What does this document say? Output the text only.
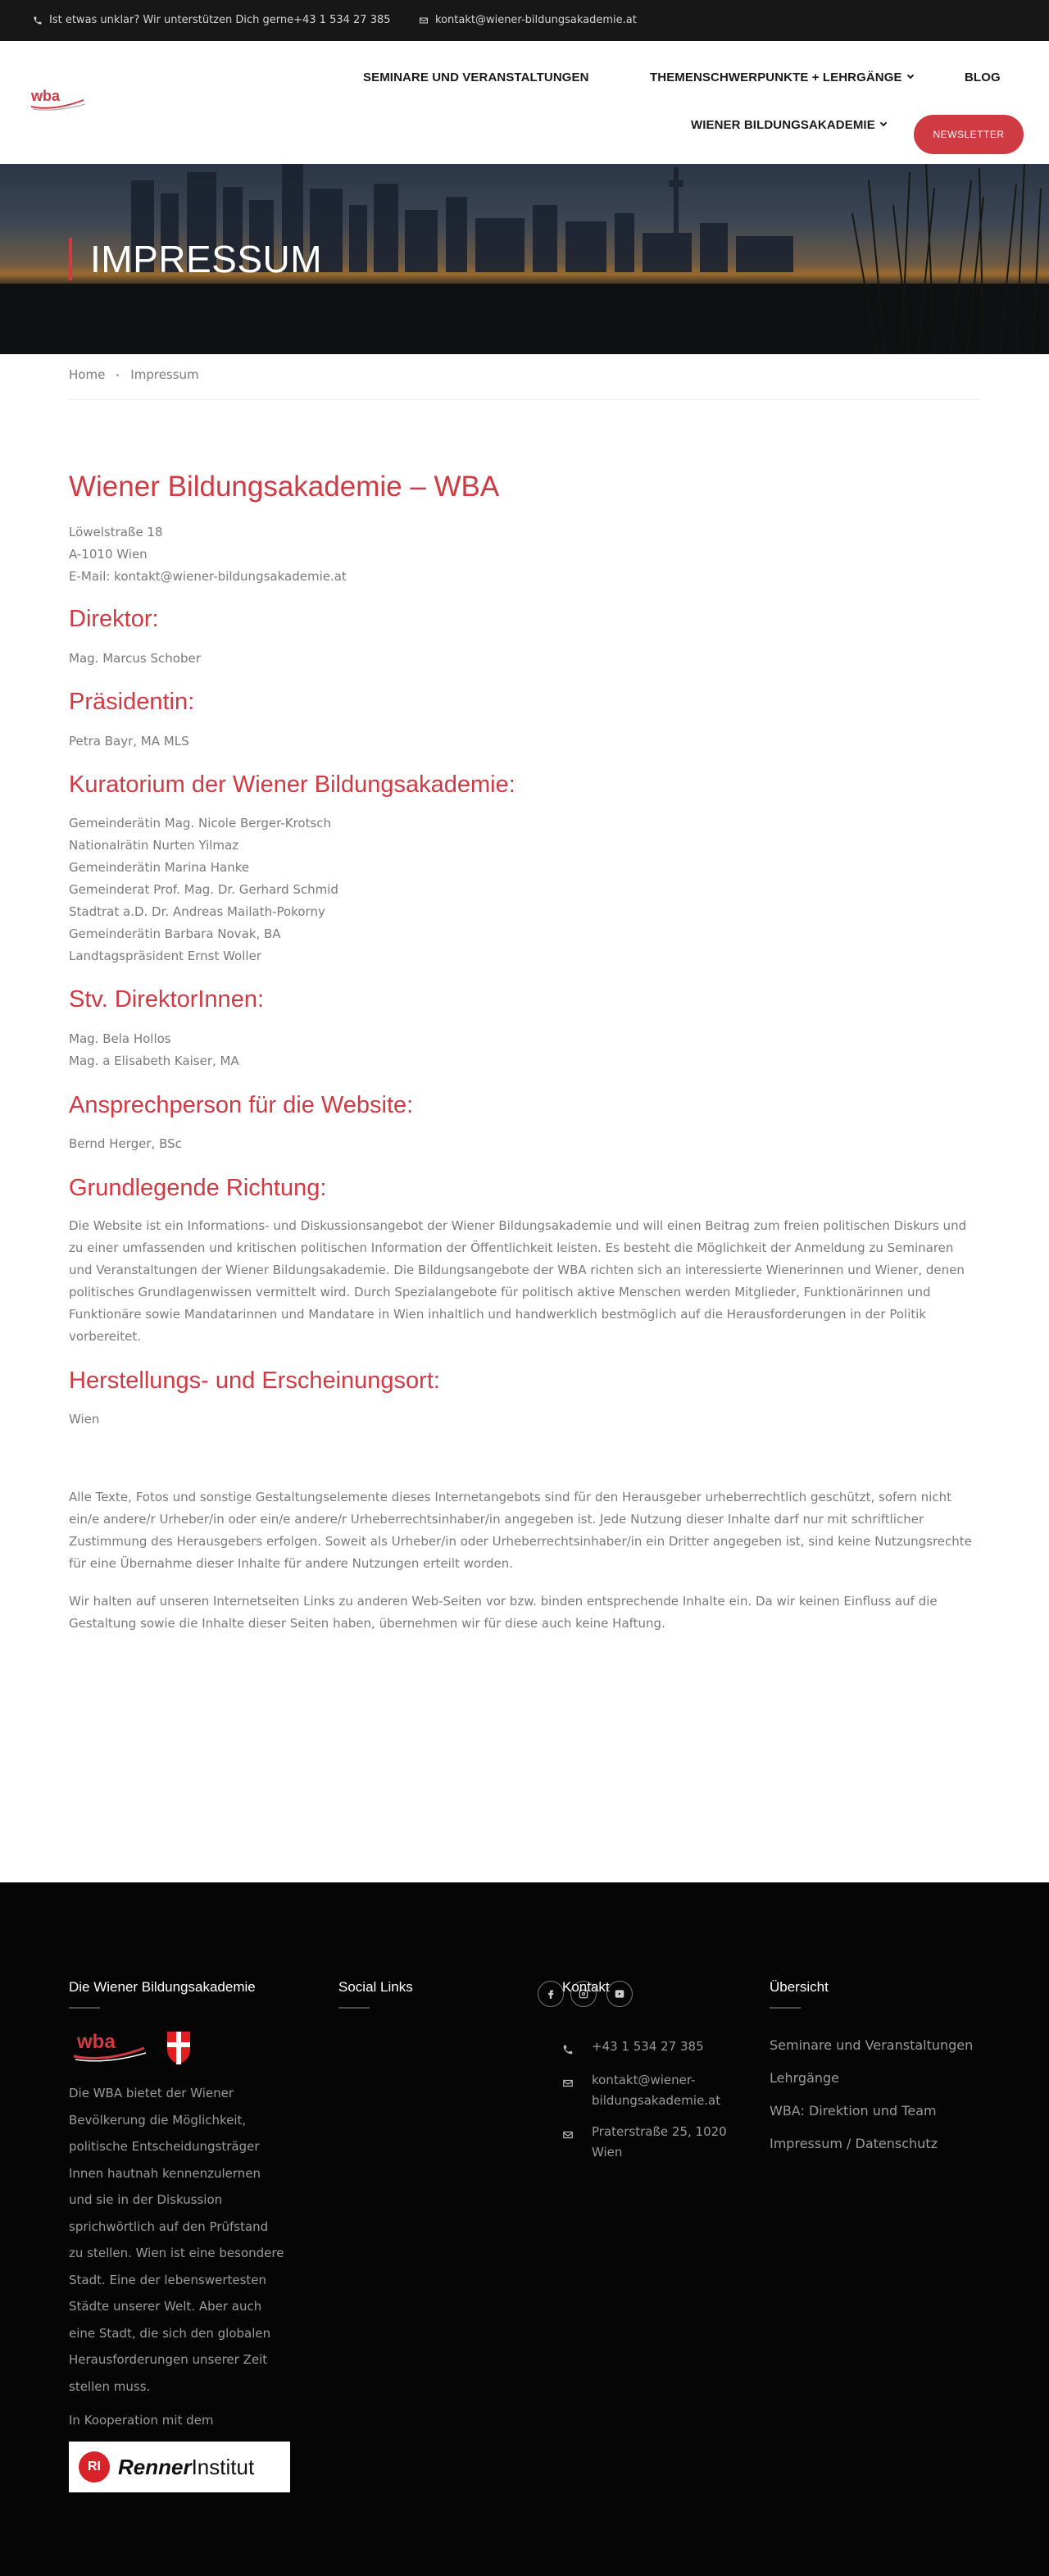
Ist etwas unklar? Wir unterstützen Dich gerne+43 1 534 27 385	kontakt@wiener-bildungsakademie.at
wba
SEMINARE UND VERANSTALTUNGEN	THEMENSCHWERPUNKTE + LEHRGÄNGE	BLOG
WIENER BILDUNGSAKADEMIE
NEWSLETTER
IMPRESSUM
Home Impressum
Wiener Bildungsakademie – WBA
Löwelstraße 18
A-1010 Wien
E-Mail: kontakt@wiener-bildungsakademie.at
Direktor:
Mag. Marcus Schober
Präsidentin:
Petra Bayr, MA MLS
Kuratorium der Wiener Bildungsakademie:
Gemeinderätin Mag. Nicole Berger-Krotsch
Nationalrätin Nurten Yilmaz
Gemeinderätin Marina Hanke
Gemeinderat Prof. Mag. Dr. Gerhard Schmid
Stadtrat a.D. Dr. Andreas Mailath-Pokorny
Gemeinderätin Barbara Novak, BA
Landtagspräsident Ernst Woller
Stv. DirektorInnen:
Mag. Bela Hollos
Mag. a Elisabeth Kaiser, MA
Ansprechperson für die Website:
Bernd Herger, BSc
Grundlegende Richtung:
Die Website ist ein Informations- und Diskussionsangebot der Wiener Bildungsakademie und will einen Beitrag zum freien politischen Diskurs und zu einer umfassenden und kritischen politischen Information der Öffentlichkeit leisten. Es besteht die Möglichkeit der Anmeldung zu Seminaren und Veranstaltungen der Wiener Bildungsakademie. Die Bildungsangebote der WBA richten sich an interessierte Wienerinnen und Wiener, denen politisches Grundlagenwissen vermittelt wird. Durch Spezialangebote für politisch aktive Menschen werden Mitglieder, Funktionärinnen und Funktionäre sowie Mandatarinnen und Mandatare in Wien inhaltlich und handwerklich bestmöglich auf die Herausforderungen in der Politik vorbereitet.
Herstellungs- und Erscheinungsort:
Wien
Alle Texte, Fotos und sonstige Gestaltungselemente dieses Internetangebots sind für den Herausgeber urheberrechtlich geschützt, sofern nicht ein/e andere/r Urheber/in oder ein/e andere/r Urheberrechtsinhaber/in angegeben ist. Jede Nutzung dieser Inhalte darf nur mit schriftlicher Zustimmung des Herausgebers erfolgen. Soweit als Urheber/in oder Urheberrechtsinhaber/in ein Dritter angegeben ist, sind keine Nutzungsrechte für eine Übernahme dieser Inhalte für andere Nutzungen erteilt worden.
Wir halten auf unseren Internetseiten Links zu anderen Web-Seiten vor bzw. binden entsprechende Inhalte ein. Da wir keinen Einfluss auf die Gestaltung sowie die Inhalte dieser Seiten haben, übernehmen wir für diese auch keine Haftung.
Die Wiener Bildungsakademie
wba
Die WBA bietet der Wiener
Bevölkerung die Möglichkeit,
politische Entscheidungsträger
Innen hautnah kennenzulernen
und sie in der Diskussion
sprichwörtlich auf den Prüfstand
zu stellen. Wien ist eine besondere
Stadt. Eine der lebenswertesten
Städte unserer Welt. Aber auch
eine Stadt, die sich den globalen
Herausforderungen unserer Zeit
stellen muss.
In Kooperation mit dem
RI RennerInstitut
Social Links	Kontakt
+43 1 534 27 385
kontakt@wiener-
bildungsakademie.at
Praterstraße 25, 1020
Wien
Übersicht
Seminare und Veranstaltungen
Lehrgänge
WBA: Direktion und Team
Impressum / Datenschutz
